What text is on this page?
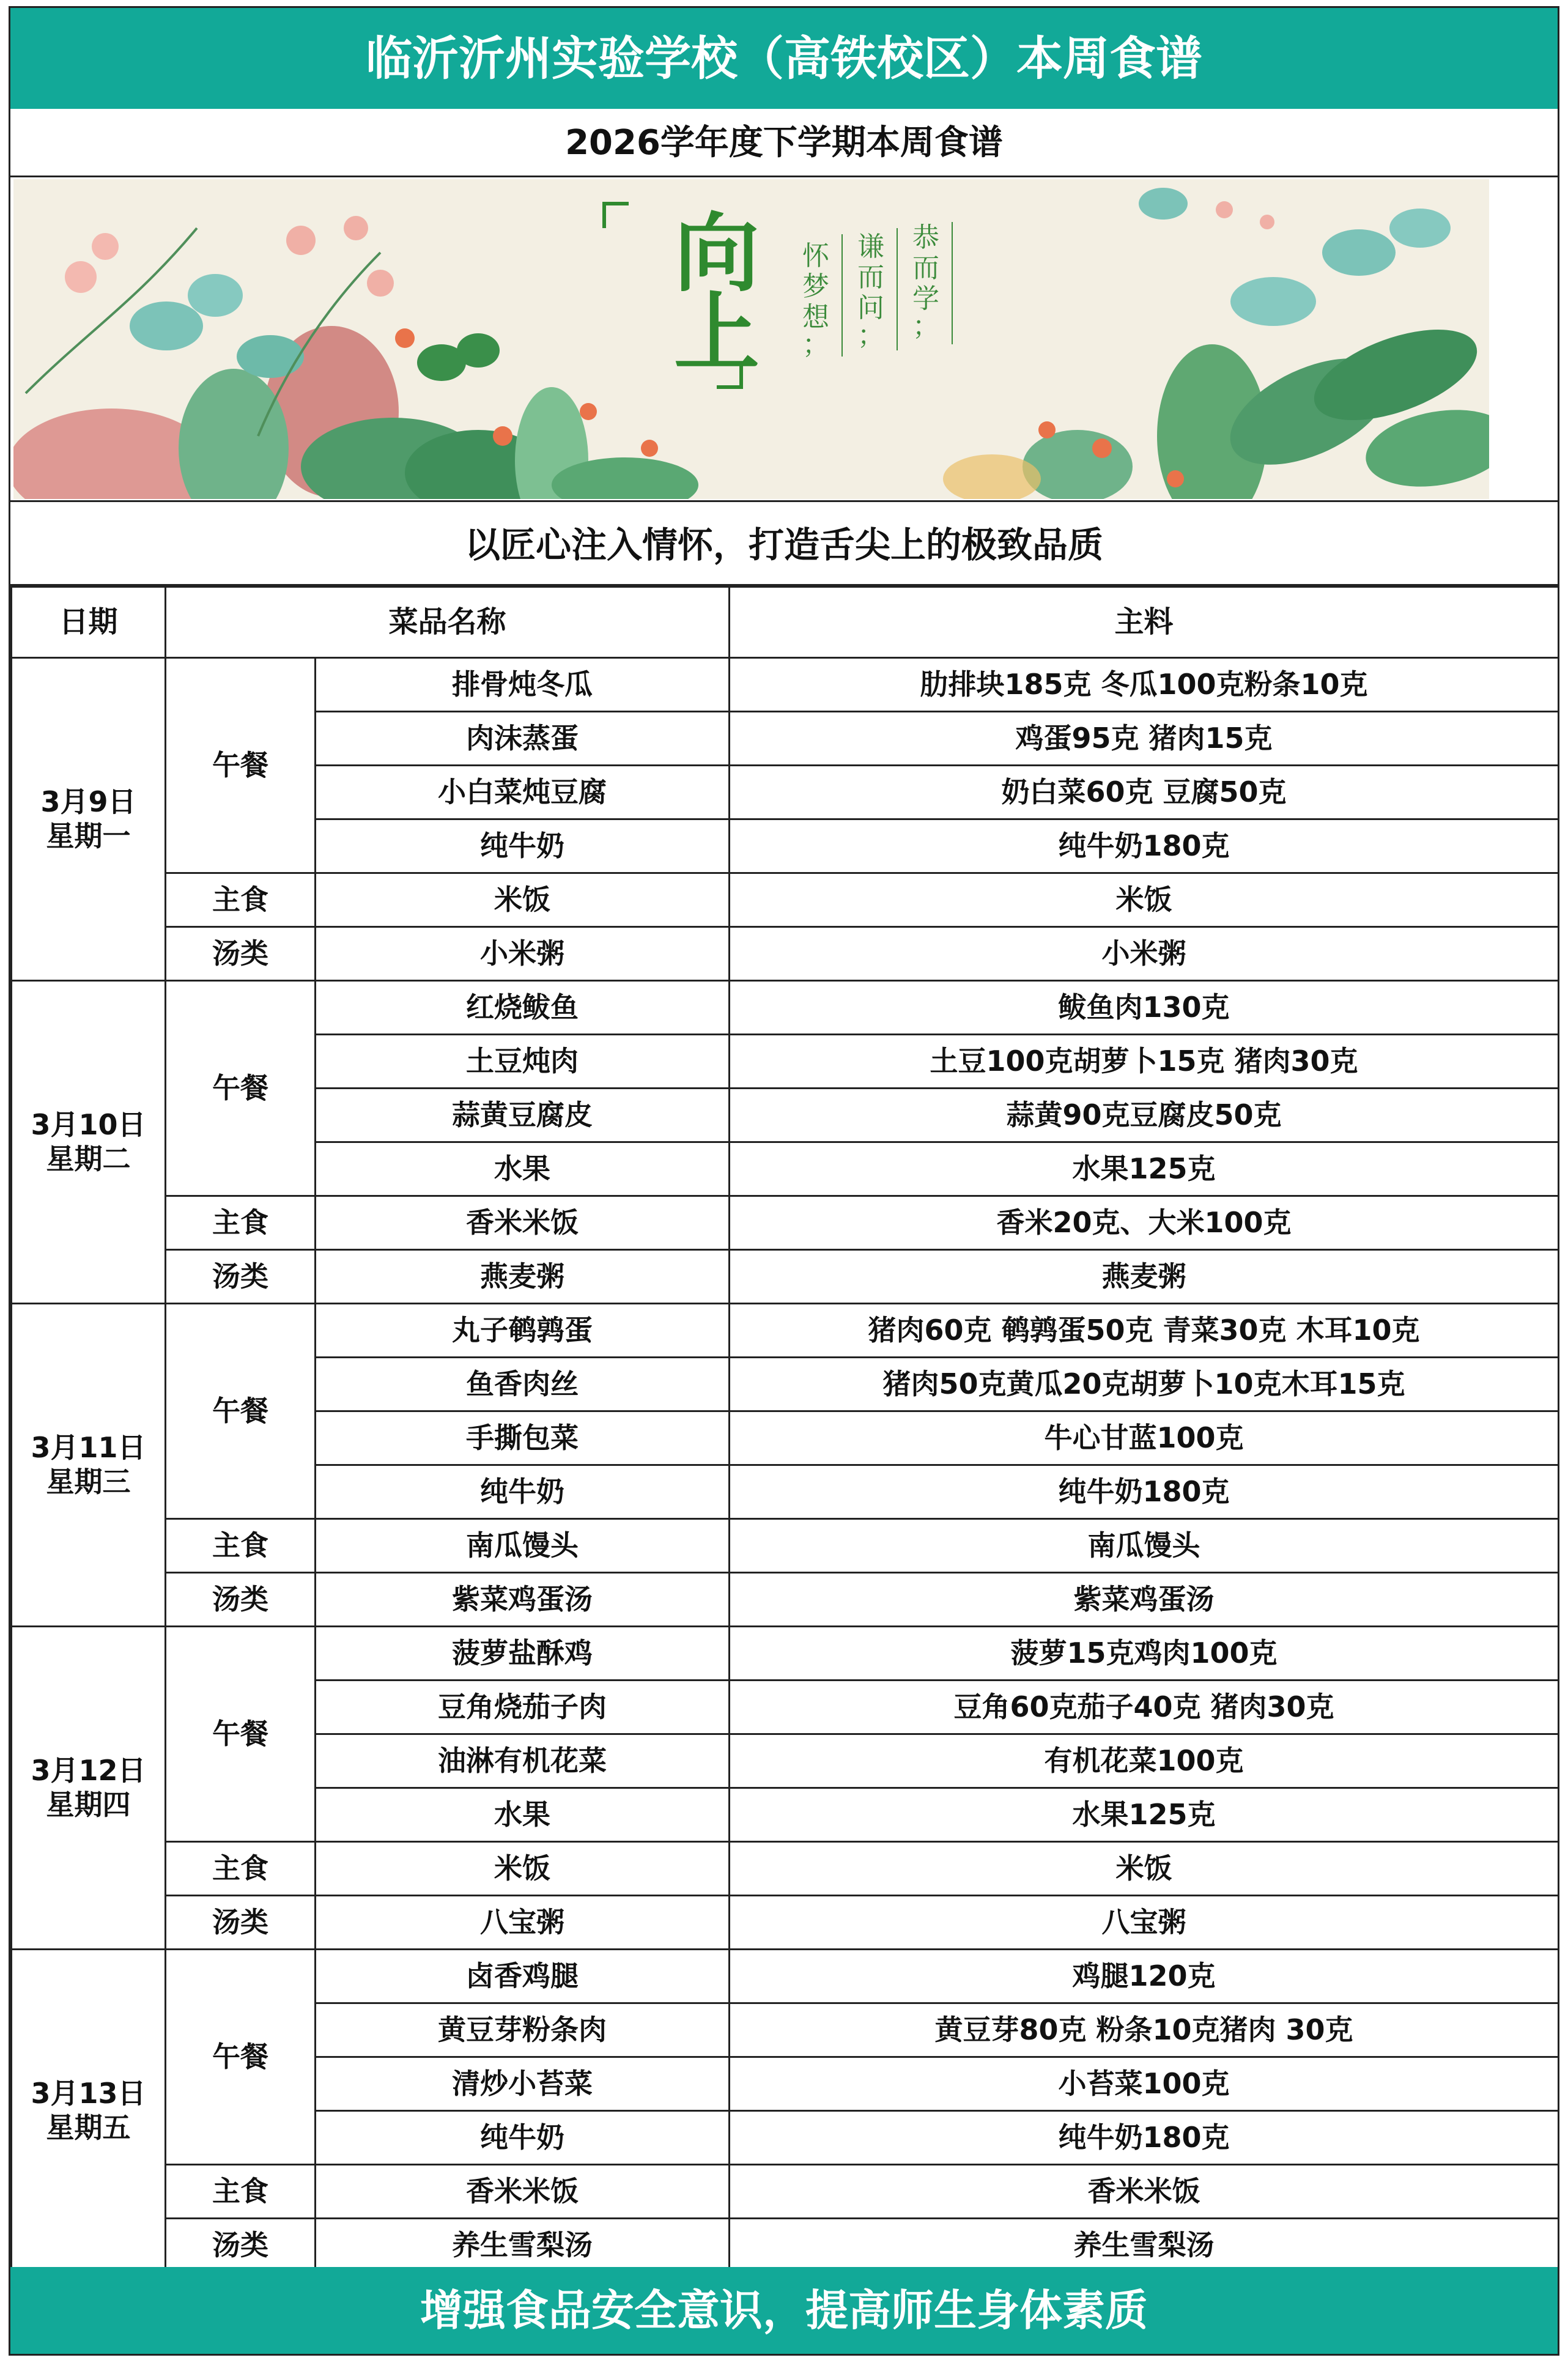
临沂沂州实验学校（高铁校区）本周食谱
2026学年度下学期本周食谱
向
上
恭而学；
谦而问；
怀梦想；
以匠心注入情怀，打造舌尖上的极致品质
日期	菜品名称		主料

3月9日
星期一	午餐	排骨炖冬瓜	肋排块185克 冬瓜100克粉条10克
		肉沫蒸蛋	鸡蛋95克 猪肉15克
		小白菜炖豆腐	奶白菜60克 豆腐50克
		纯牛奶	纯牛奶180克
	主食	米饭	米饭
	汤类	小米粥	小米粥

3月10日
星期二	午餐	红烧鲅鱼	鲅鱼肉130克
		土豆炖肉	土豆100克胡萝卜15克 猪肉30克
		蒜黄豆腐皮	蒜黄90克豆腐皮50克
		水果	水果125克
	主食	香米米饭	香米20克、大米100克
	汤类	燕麦粥	燕麦粥

3月11日
星期三	午餐	丸子鹌鹑蛋	猪肉60克 鹌鹑蛋50克 青菜30克 木耳10克
		鱼香肉丝	猪肉50克黄瓜20克胡萝卜10克木耳15克
		手撕包菜	牛心甘蓝100克
		纯牛奶	纯牛奶180克
	主食	南瓜馒头	南瓜馒头
	汤类	紫菜鸡蛋汤	紫菜鸡蛋汤

3月12日
星期四	午餐	菠萝盐酥鸡	菠萝15克鸡肉100克
		豆角烧茄子肉	豆角60克茄子40克 猪肉30克
		油淋有机花菜	有机花菜100克
		水果	水果125克
	主食	米饭	米饭
	汤类	八宝粥	八宝粥

3月13日
星期五	午餐	卤香鸡腿	鸡腿120克
		黄豆芽粉条肉	黄豆芽80克 粉条10克猪肉 30克
		清炒小苔菜	小苔菜100克
		纯牛奶	纯牛奶180克
	主食	香米米饭	香米米饭
	汤类	养生雪梨汤	养生雪梨汤
增强食品安全意识，提高师生身体素质
